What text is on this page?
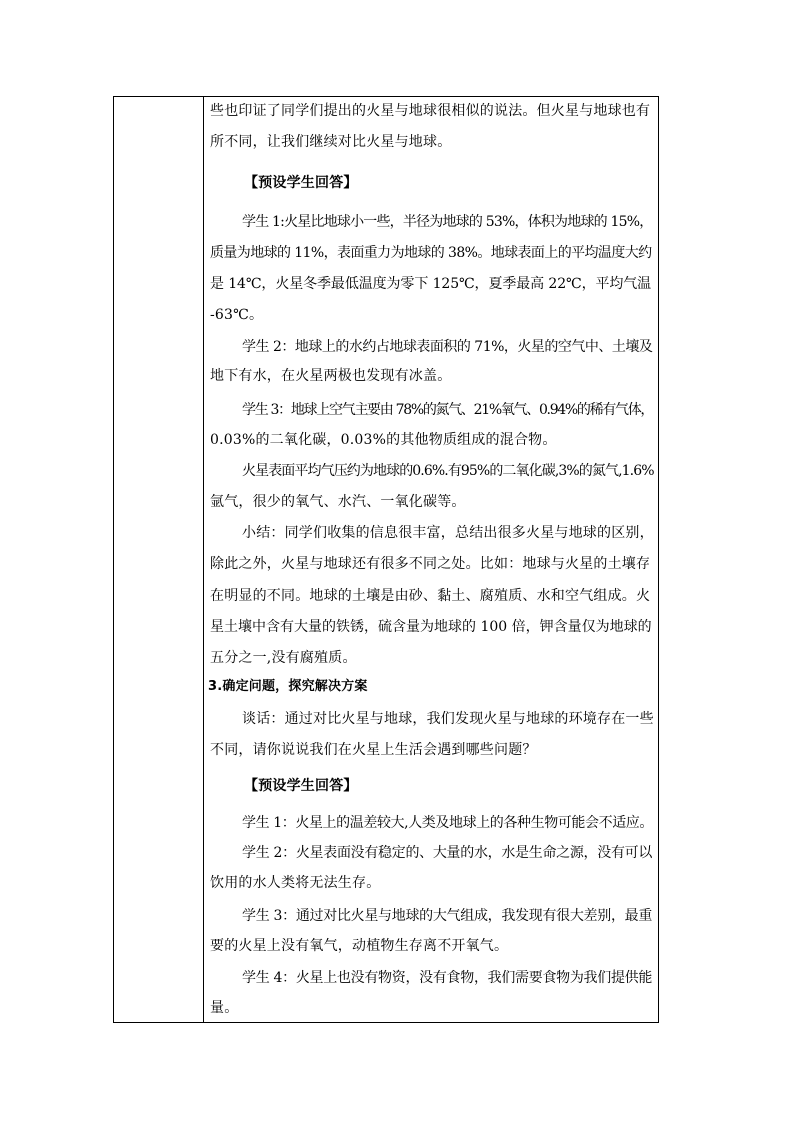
些也印证了同学们提出的火星与地球很相似的说法。但火星与地球也有
所不同，让我们继续对比火星与地球。
【预设学生回答】
学生 1:火星比地球小一些，半径为地球的 53%，体积为地球的 15%，
质量为地球的 11%，表面重力为地球的 38%。地球表面上的平均温度大约
是 14℃，火星冬季最低温度为零下 125℃，夏季最高 22℃，平均气温
-63℃。
学生 2：地球上的水约占地球表面积的 71%，火星的空气中、土壤及
地下有水，在火星两极也发现有冰盖。
学生 3：地球上空气主要由 78%的氮气、21%氧气、0.94%的稀有气体，
0.03%的二氧化碳，0.03%的其他物质组成的混合物。
火星表面平均气压约为地球的0.6%.有95%的二氧化碳,3%的氮气,1.6%
氩气，很少的氧气、水汽、一氧化碳等。
小结：同学们收集的信息很丰富，总结出很多火星与地球的区别，
除此之外，火星与地球还有很多不同之处。比如：地球与火星的土壤存
在明显的不同。地球的土壤是由砂、黏土、腐殖质、水和空气组成。火
星土壤中含有大量的铁锈，硫含量为地球的 100 倍，钾含量仅为地球的
五分之一,没有腐殖质。
3.确定问题，探究解决方案
谈话：通过对比火星与地球，我们发现火星与地球的环境存在一些
不同，请你说说我们在火星上生活会遇到哪些问题？
【预设学生回答】
学生 1：火星上的温差较大,人类及地球上的各种生物可能会不适应。
学生 2：火星表面没有稳定的、大量的水，水是生命之源，没有可以
饮用的水人类将无法生存。
学生 3：通过对比火星与地球的大气组成，我发现有很大差别，最重
要的火星上没有氧气，动植物生存离不开氧气。
学生 4：火星上也没有物资，没有食物，我们需要食物为我们提供能
量。
